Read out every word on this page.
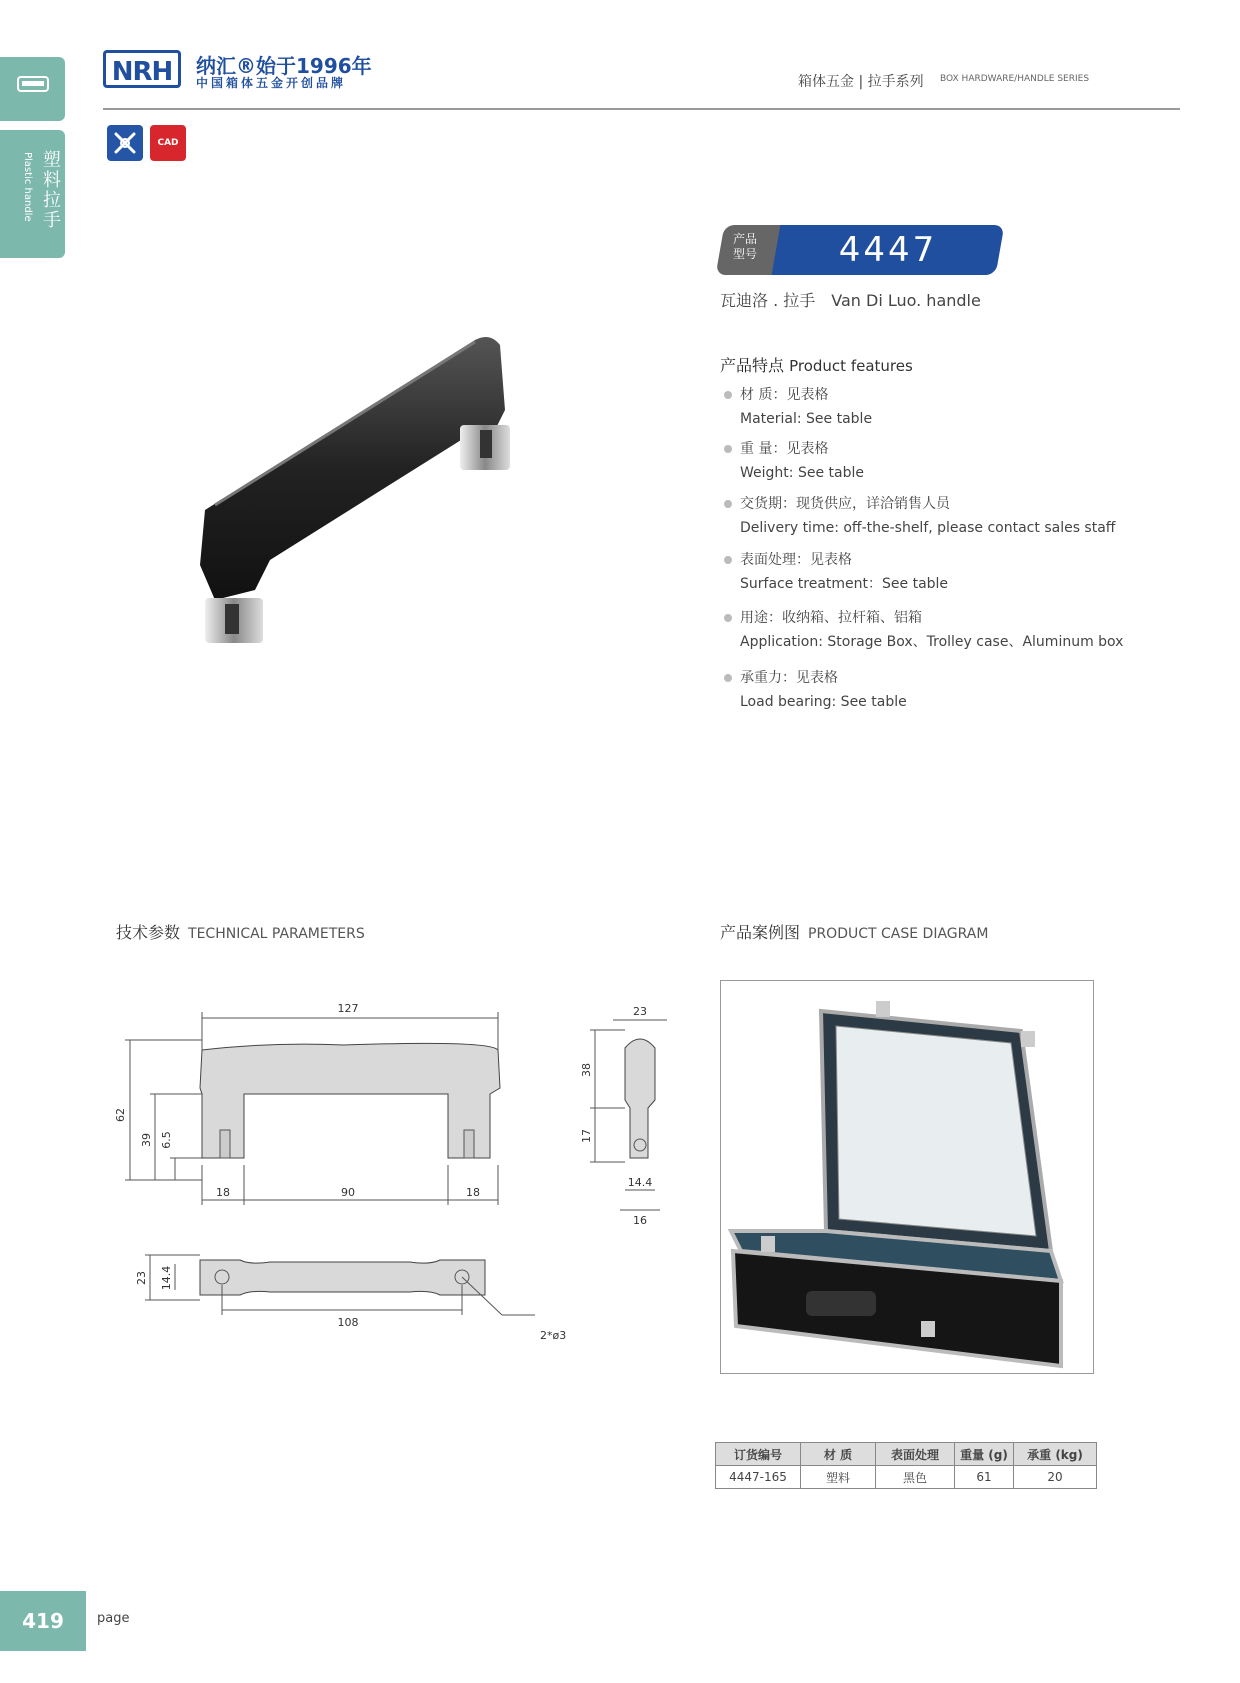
塑料拉手
Plastic handle
NRH	纳汇®始于1996年
中国箱体五金开创品牌	箱体五金 | 拉手系列 BOX HARDWARE/HANDLE SERIES
CAD
产品型号	4447
瓦迪洛 . 拉手 Van Di Luo. handle
产品特点 Product features
材 质：见表格
Material: See table
重 量：见表格
Weight: See table
交货期：现货供应，详洽销售人员
Delivery time: off-the-shelf, please contact sales staff
表面处理：见表格
Surface treatment：See table
用途：收纳箱、拉杆箱、铝箱
Application: Storage Box、Trolley case、Aluminum box
承重力：见表格
Load bearing: See table
技术参数 TECHNICAL PARAMETERS	产品案例图 PRODUCT CASE DIAGRAM
127
62
39 6.5
18	90	18
23
38
17
14.4
16
23 14.4
108
2*ø3
订货编号	材 质	表面处理	重量 (g)	承重 (kg)
4447-165	塑料	黑色	61	20
419	page
